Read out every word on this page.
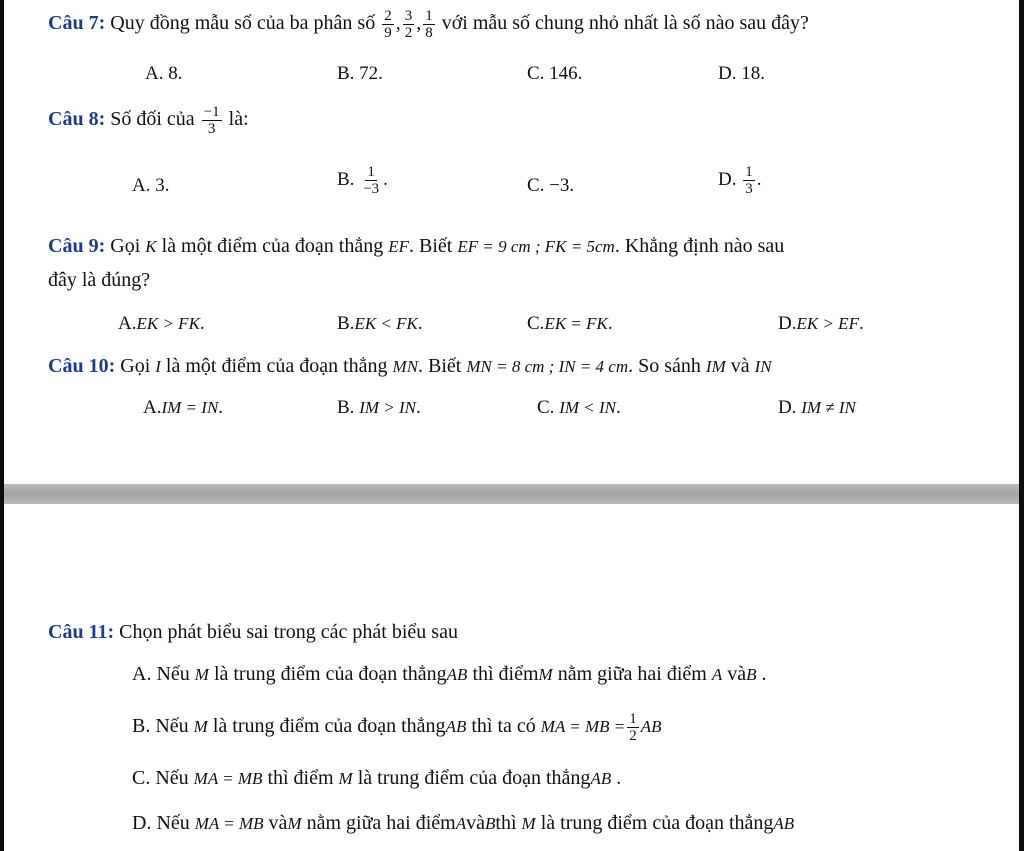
Câu 7: Quy đồng mẫu số của ba phân số $\frac{2}{9}$ , $\frac{3}{2}$ , $\frac{1}{8}$ với mẫu số chung nhỏ nhất là số nào sau đây?
A. 8.	B. 72.	C. 146.	D. 18.
Câu 8: Số đối của $\frac{-1}{3}$ là:
A. 3.	B. $\frac{1}{-3}$ .	C. −3.	D. $\frac{1}{3}$ .
Câu 9: Gọi K là một điểm của đoạn thẳng EF. Biết EF = 9 cm ; FK = 5cm. Khẳng định nào sau
đây là đúng?
A.EK > FK.	B.EK < FK.	C.EK = FK.	D.EK > EF.
Câu 10: Gọi I là một điểm của đoạn thẳng MN. Biết MN = 8 cm ; IN = 4 cm. So sánh IM và IN
A.IM = IN.	B. IM > IN.	C. IM < IN.	D. IM ≠ IN
Câu 11: Chọn phát biểu sai trong các phát biểu sau
A. Nếu M là trung điểm của đoạn thẳngAB thì điểmM nằm giữa hai điểm A vàB .
B. Nếu M là trung điểm của đoạn thẳngAB thì ta có MA = MB = $\frac{1}{2}$ AB
C. Nếu MA = MB thì điểm M là trung điểm của đoạn thẳngAB .
D. Nếu MA = MB vàM nằm giữa hai điểmAvàBthì M là trung điểm của đoạn thẳngAB
